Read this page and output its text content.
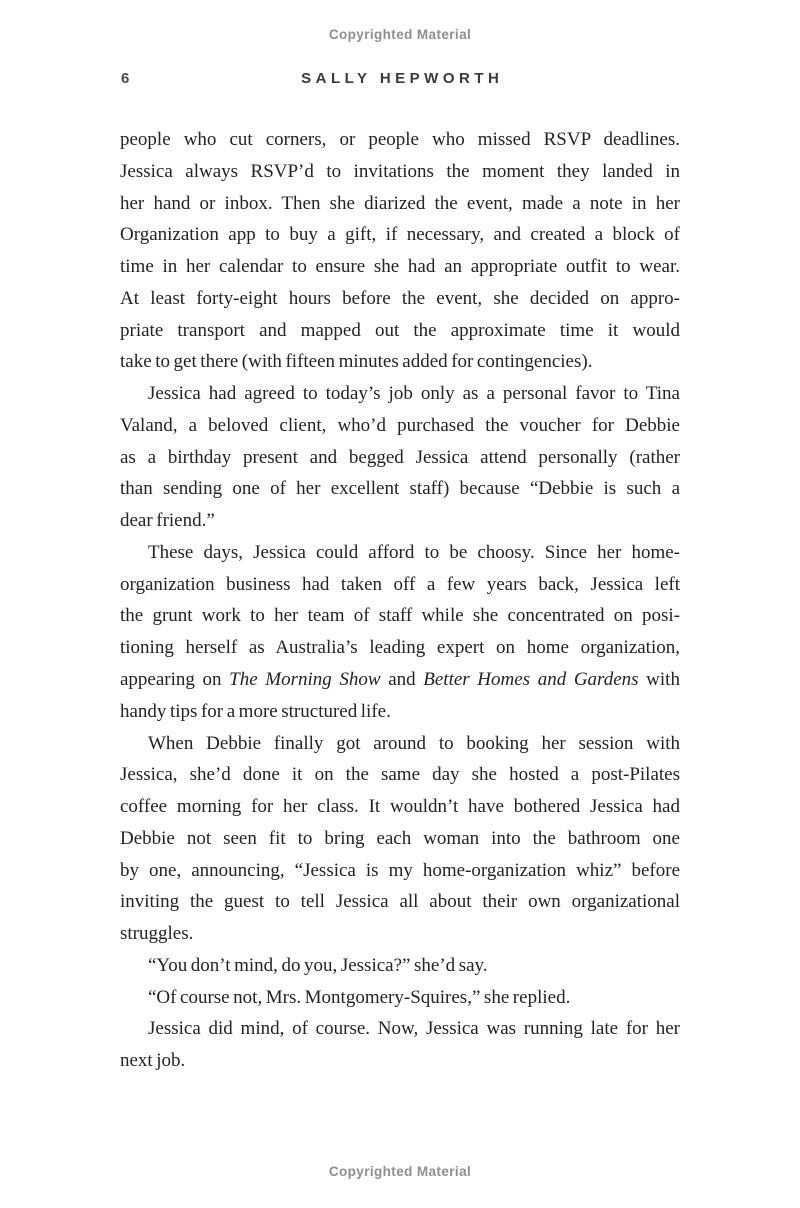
Copyrighted Material
6	SALLY HEPWORTH
people who cut corners, or people who missed RSVP deadlines.
Jessica always RSVP’d to invitations the moment they landed in
her hand or inbox. Then she diarized the event, made a note in her
Organization app to buy a gift, if necessary, and created a block of
time in her calendar to ensure she had an appropriate outfit to wear.
At least forty-eight hours before the event, she decided on appro-
priate transport and mapped out the approximate time it would
take to get there (with fifteen minutes added for contingencies).
Jessica had agreed to today’s job only as a personal favor to Tina
Valand, a beloved client, who’d purchased the voucher for Debbie
as a birthday present and begged Jessica attend personally (rather
than sending one of her excellent staff) because “Debbie is such a
dear friend.”
These days, Jessica could afford to be choosy. Since her home-
organization business had taken off a few years back, Jessica left
the grunt work to her team of staff while she concentrated on posi-
tioning herself as Australia’s leading expert on home organization,
appearing on The Morning Show and Better Homes and Gardens with
handy tips for a more structured life.
When Debbie finally got around to booking her session with
Jessica, she’d done it on the same day she hosted a post-Pilates
coffee morning for her class. It wouldn’t have bothered Jessica had
Debbie not seen fit to bring each woman into the bathroom one
by one, announcing, “Jessica is my home-organization whiz” before
inviting the guest to tell Jessica all about their own organizational
struggles.
“You don’t mind, do you, Jessica?” she’d say.
“Of course not, Mrs. Montgomery-Squires,” she replied.
Jessica did mind, of course. Now, Jessica was running late for her
next job.
Copyrighted Material
